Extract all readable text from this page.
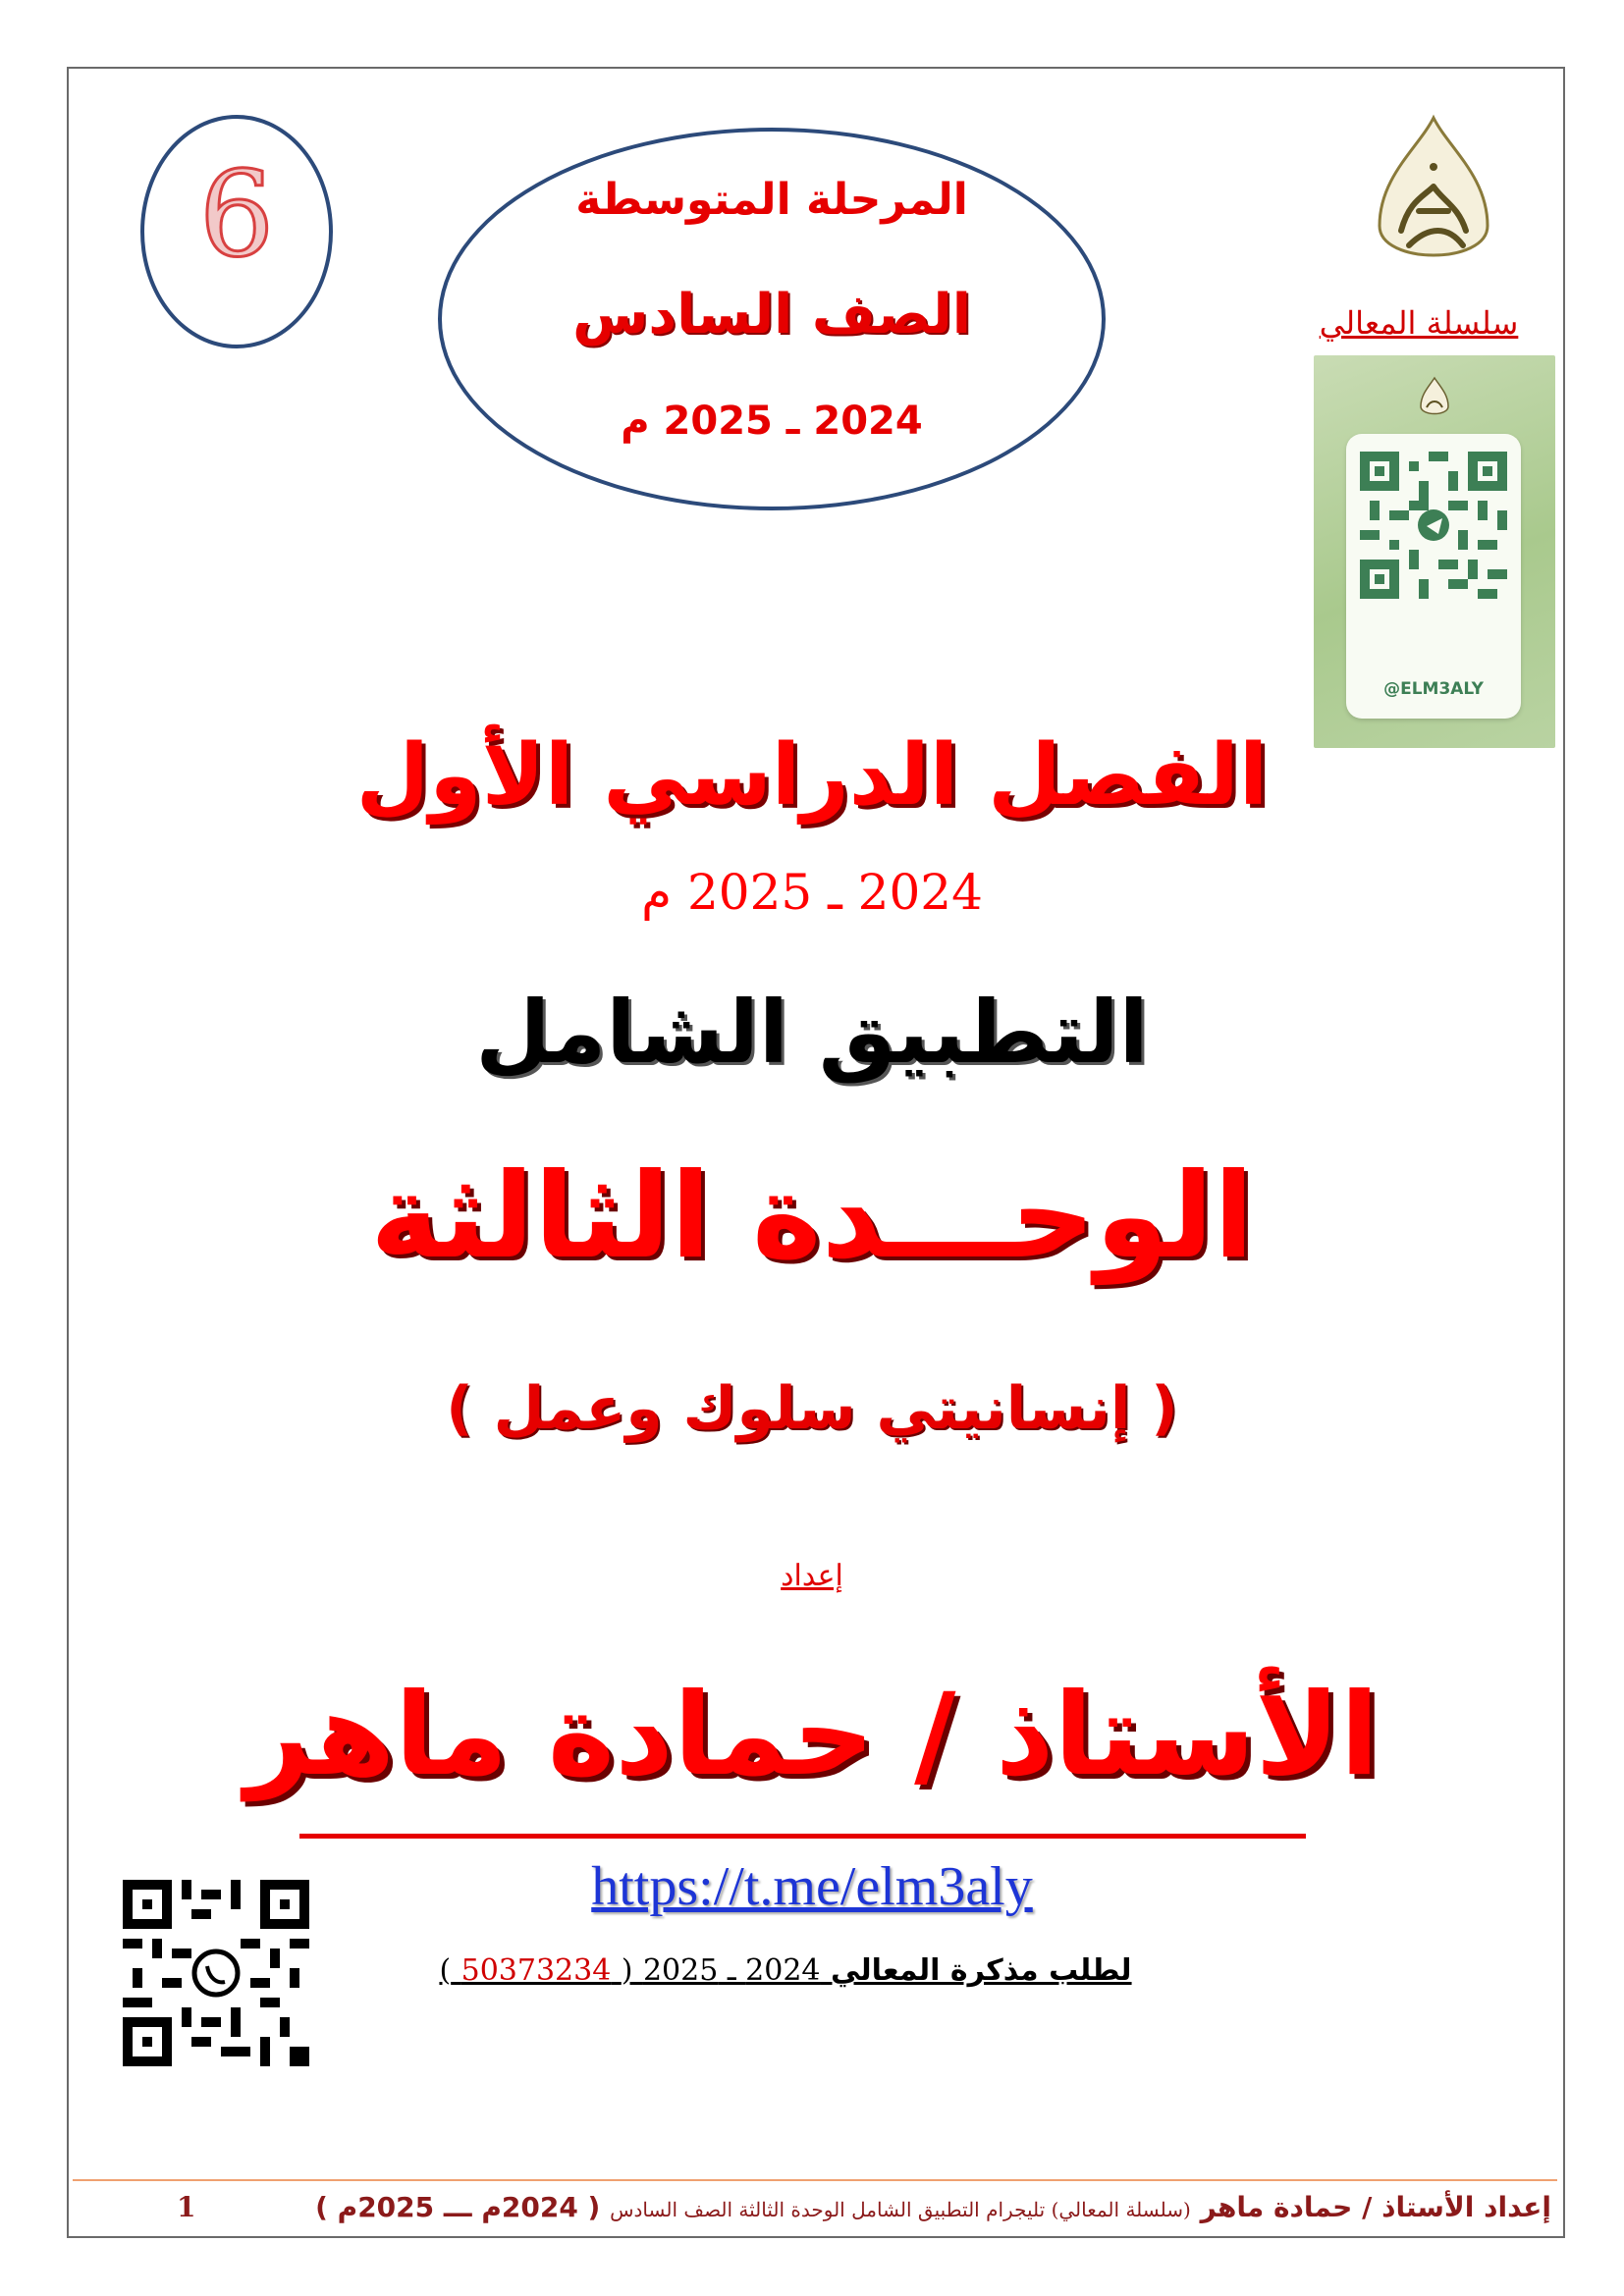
6	المرحلة المتوسطة
الصف السادس
2024 ـ 2025 م
سلسلة المعالي
@ELM3ALY
الفصل الدراسي الأول
2024 ـ 2025 م
التطبيق الشامل
الوحـــدة الثالثة
( إنسانيتي سلوك وعمل )
إعداد
الأستاذ / حمادة ماهر
https://t.me/elm3aly
لطلب مذكرة المعالي 2024 ـ 2025 ( 50373234 )
إعداد الأستاذ / حمادة ماهر (سلسلة المعالي) تليجرام التطبيق الشامل الوحدة الثالثة الصف السادس ( 2024م ـــ 2025م )
1
